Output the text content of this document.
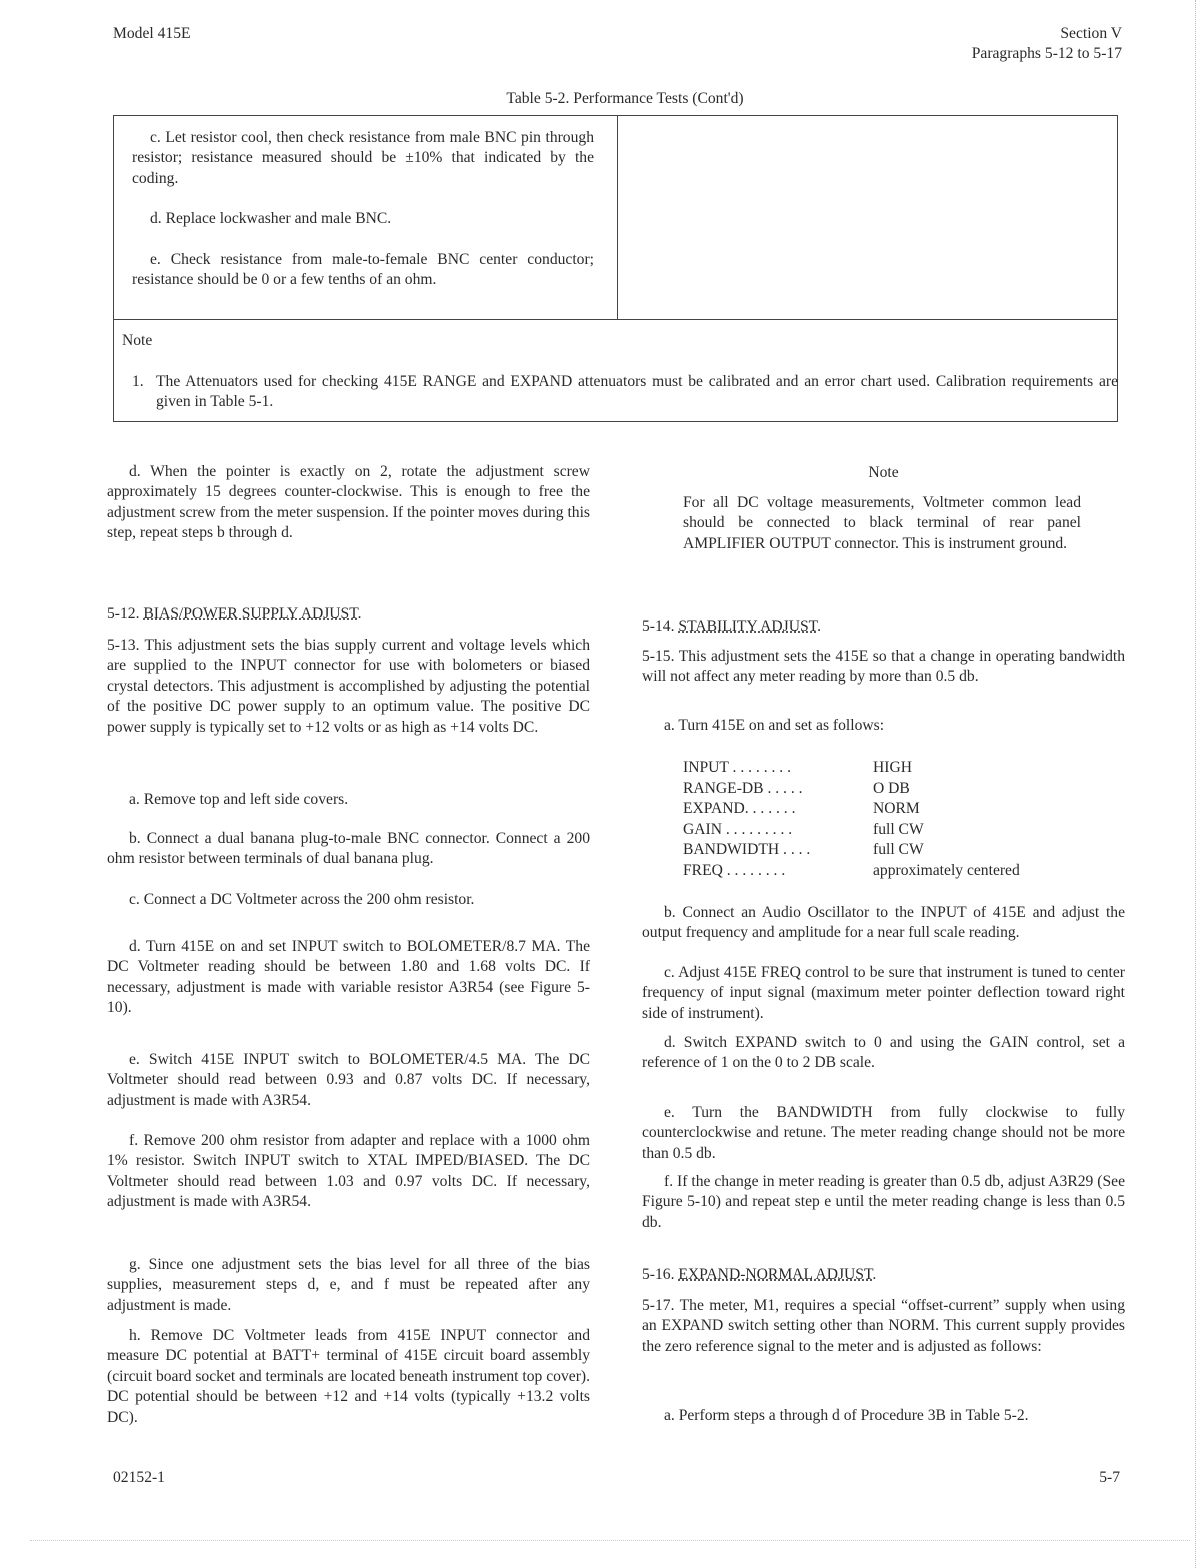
Model 415E	Section V
Paragraphs 5-12 to 5-17
Table 5-2. Performance Tests (Cont'd)
c. Let resistor cool, then check resistance from male BNC pin through resistor; resistance measured should be ±10% that indicated by the coding.
d. Replace lockwasher and male BNC.
e. Check resistance from male-to-female BNC center conductor; resistance should be 0 or a few tenths of an ohm.
Note
1. The Attenuators used for checking 415E RANGE and EXPAND attenuators must be calibrated and an error chart used. Calibration requirements are given in Table 5-1.
INPUT . . . . . . . .	HIGH
RANGE-DB . . . . .	O DB
EXPAND. . . . . . .	NORM
GAIN . . . . . . . . .	full CW
BANDWIDTH . . . .	full CW
FREQ . . . . . . . .	approximately centered
02152-1	5-7
d. When the pointer is exactly on 2, rotate the adjustment screw approximately 15 degrees counter-clockwise. This is enough to free the adjustment screw from the meter suspension. If the pointer moves during this step, repeat steps b through d.
5-12. BIAS/POWER SUPPLY ADJUST.
5-13. This adjustment sets the bias supply current and voltage levels which are supplied to the INPUT connector for use with bolometers or biased crystal detectors. This adjustment is accomplished by adjusting the potential of the positive DC power supply to an optimum value. The positive DC power supply is typically set to +12 volts or as high as +14 volts DC.
a. Remove top and left side covers.
b. Connect a dual banana plug-to-male BNC connector. Connect a 200 ohm resistor between terminals of dual banana plug.
c. Connect a DC Voltmeter across the 200 ohm resistor.
d. Turn 415E on and set INPUT switch to BOLOMETER/8.7 MA. The DC Voltmeter reading should be between 1.80 and 1.68 volts DC. If necessary, adjustment is made with variable resistor A3R54 (see Figure 5-10).
e. Switch 415E INPUT switch to BOLOMETER/4.5 MA. The DC Voltmeter should read between 0.93 and 0.87 volts DC. If necessary, adjustment is made with A3R54.
f. Remove 200 ohm resistor from adapter and replace with a 1000 ohm 1% resistor. Switch INPUT switch to XTAL IMPED/BIASED. The DC Voltmeter should read between 1.03 and 0.97 volts DC. If necessary, adjustment is made with A3R54.
g. Since one adjustment sets the bias level for all three of the bias supplies, measurement steps d, e, and f must be repeated after any adjustment is made.
h. Remove DC Voltmeter leads from 415E INPUT connector and measure DC potential at BATT+ terminal of 415E circuit board assembly (circuit board socket and terminals are located beneath instrument top cover). DC potential should be between +12 and +14 volts (typically +13.2 volts DC).
Note
For all DC voltage measurements, Voltmeter common lead should be connected to black terminal of rear panel AMPLIFIER OUTPUT connector. This is instrument ground.
5-14. STABILITY ADJUST.
5-15. This adjustment sets the 415E so that a change in operating bandwidth will not affect any meter reading by more than 0.5 db.
a. Turn 415E on and set as follows:
b. Connect an Audio Oscillator to the INPUT of 415E and adjust the output frequency and amplitude for a near full scale reading.
c. Adjust 415E FREQ control to be sure that instrument is tuned to center frequency of input signal (maximum meter pointer deflection toward right side of instrument).
d. Switch EXPAND switch to 0 and using the GAIN control, set a reference of 1 on the 0 to 2 DB scale.
e. Turn the BANDWIDTH from fully clockwise to fully counterclockwise and retune. The meter reading change should not be more than 0.5 db.
f. If the change in meter reading is greater than 0.5 db, adjust A3R29 (See Figure 5-10) and repeat step e until the meter reading change is less than 0.5 db.
5-16. EXPAND-NORMAL ADJUST.
5-17. The meter, M1, requires a special “offset-current” supply when using an EXPAND switch setting other than NORM. This current supply provides the zero reference signal to the meter and is adjusted as follows:
a. Perform steps a through d of Procedure 3B in Table 5-2.
